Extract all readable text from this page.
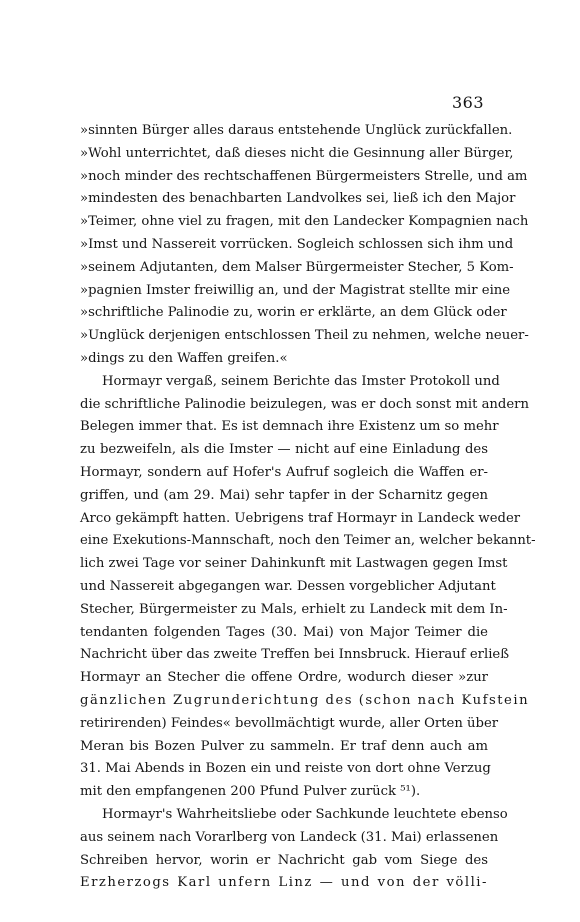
363
»sinnten Bürger alles daraus entstehende Unglück zurückfallen.
»Wohl unterrichtet, daß dieses nicht die Gesinnung aller Bürger,
»noch minder des rechtschaffenen Bürgermeisters Strelle, und am
»mindesten des benachbarten Landvolkes sei, ließ ich den Major
»Teimer, ohne viel zu fragen, mit den Landecker Kompagnien nach
»Imst und Nassereit vorrücken. Sogleich schlossen sich ihm und
»seinem Adjutanten, dem Malser Bürgermeister Stecher, 5 Kom-
»pagnien Imster freiwillig an, und der Magistrat stellte mir eine
»schriftliche Palinodie zu, worin er erklärte, an dem Glück oder
»Unglück derjenigen entschlossen Theil zu nehmen, welche neuer-
»dings zu den Waffen greifen.«
Hormayr vergaß, seinem Berichte das Imster Protokoll und
die schriftliche Palinodie beizulegen, was er doch sonst mit andern
Belegen immer that. Es ist demnach ihre Existenz um so mehr
zu bezweifeln, als die Imster — nicht auf eine Einladung des
Hormayr, sondern auf Hofer's Aufruf sogleich die Waffen er-
griffen, und (am 29. Mai) sehr tapfer in der Scharnitz gegen
Arco gekämpft hatten. Uebrigens traf Hormayr in Landeck weder
eine Exekutions-Mannschaft, noch den Teimer an, welcher bekannt-
lich zwei Tage vor seiner Dahinkunft mit Lastwagen gegen Imst
und Nassereit abgegangen war. Dessen vorgeblicher Adjutant
Stecher, Bürgermeister zu Mals, erhielt zu Landeck mit dem In-
tendanten folgenden Tages (30. Mai) von Major Teimer die
Nachricht über das zweite Treffen bei Innsbruck. Hierauf erließ
Hormayr an Stecher die offene Ordre, wodurch dieser »zur
gänzlichen Zugrunderichtung des (schon nach Kufstein
retirirenden) Feindes« bevollmächtigt wurde, aller Orten über
Meran bis Bozen Pulver zu sammeln. Er traf denn auch am
31. Mai Abends in Bozen ein und reiste von dort ohne Verzug
mit den empfangenen 200 Pfund Pulver zurück ⁵¹).
Hormayr's Wahrheitsliebe oder Sachkunde leuchtete ebenso
aus seinem nach Vorarlberg von Landeck (31. Mai) erlassenen
Schreiben hervor, worin er Nachricht gab vom Siege des
Erzherzogs Karl unfern Linz — und von der völli-
